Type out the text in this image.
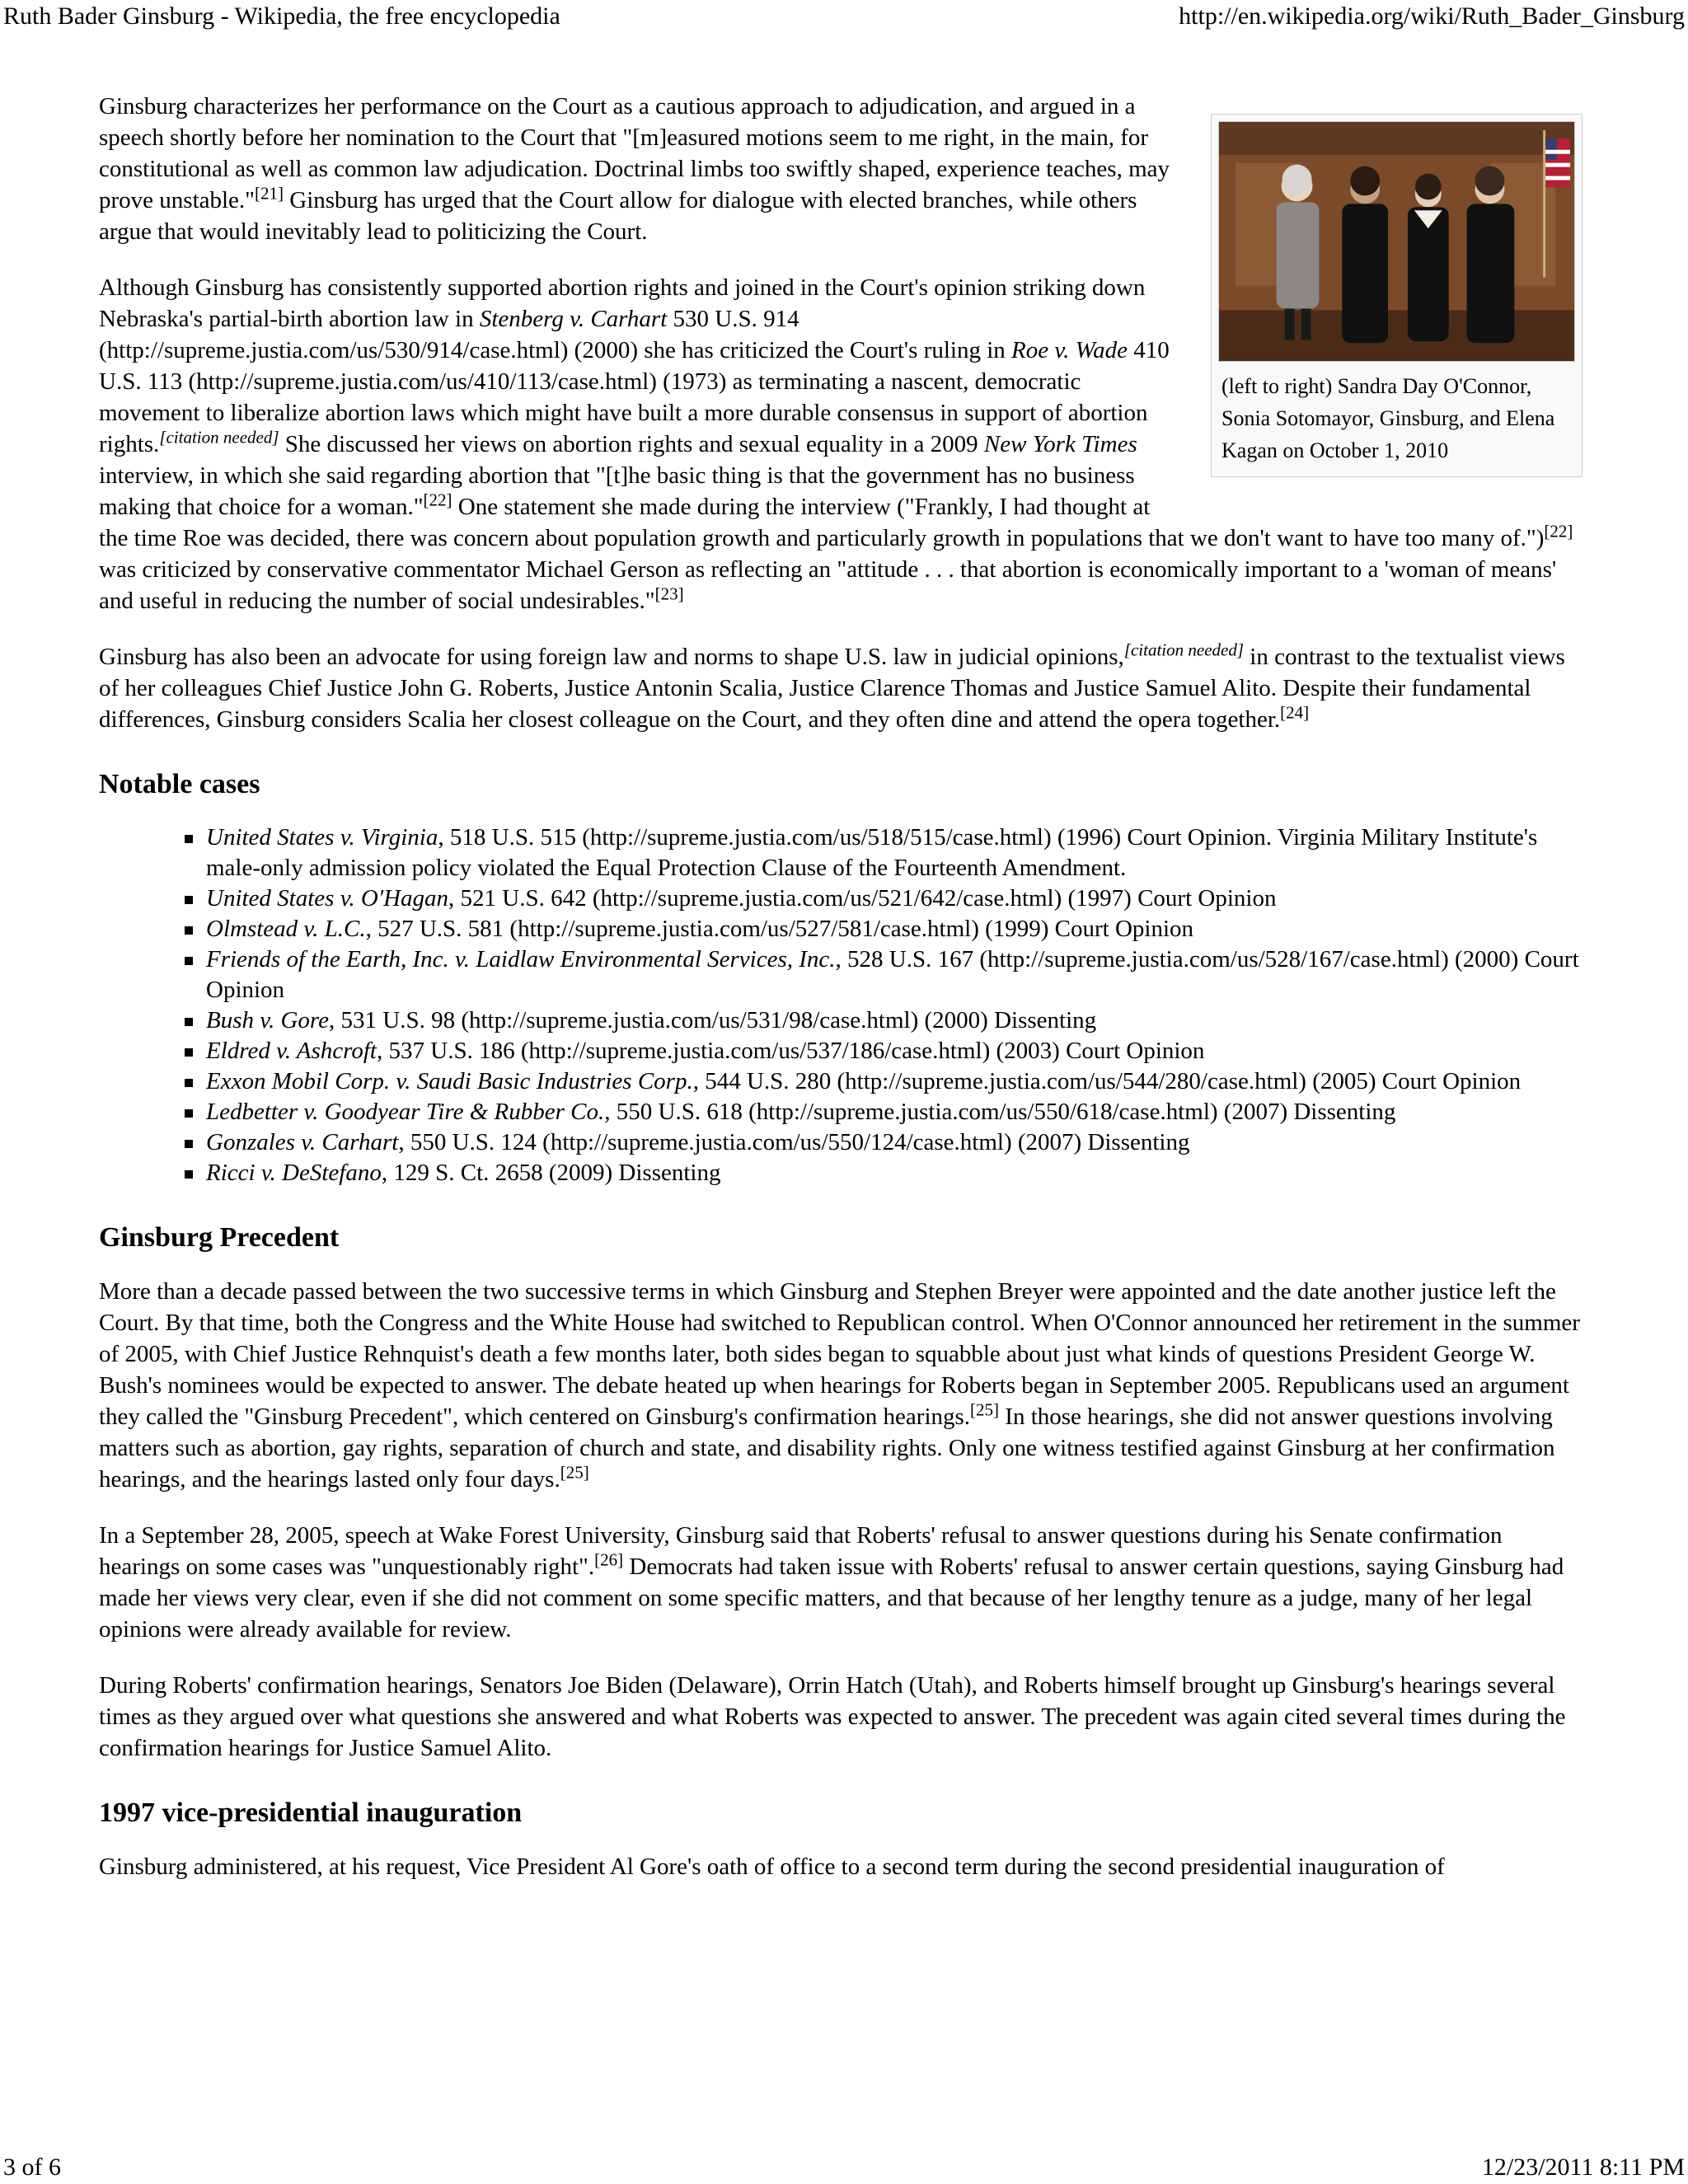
Ruth Bader Ginsburg - Wikipedia, the free encyclopedia	http://en.wikipedia.org/wiki/Ruth_Bader_Ginsburg
(left to right) Sandra Day O'Connor, Sonia Sotomayor, Ginsburg, and Elena Kagan on October 1, 2010

Ginsburg characterizes her performance on the Court as a cautious approach to adjudication, and argued in a speech shortly before her nomination to the Court that "[m]easured motions seem to me right, in the main, for constitutional as well as common law adjudication. Doctrinal limbs too swiftly shaped, experience teaches, may prove unstable."[21] Ginsburg has urged that the Court allow for dialogue with elected branches, while others argue that would inevitably lead to politicizing the Court.

Although Ginsburg has consistently supported abortion rights and joined in the Court's opinion striking down Nebraska's partial-birth abortion law in Stenberg v. Carhart 530 U.S. 914 (http://supreme.justia.com/us/530/914/case.html) (2000) she has criticized the Court's ruling in Roe v. Wade 410 U.S. 113 (http://supreme.justia.com/us/410/113/case.html) (1973) as terminating a nascent, democratic movement to liberalize abortion laws which might have built a more durable consensus in support of abortion rights.[citation needed] She discussed her views on abortion rights and sexual equality in a 2009 New York Times interview, in which she said regarding abortion that "[t]he basic thing is that the government has no business making that choice for a woman."[22] One statement she made during the interview ("Frankly, I had thought at the time Roe was decided, there was concern about population growth and particularly growth in populations that we don't want to have too many of.")[22] was criticized by conservative commentator Michael Gerson as reflecting an "attitude . . . that abortion is economically important to a 'woman of means' and useful in reducing the number of social undesirables."[23]

Ginsburg has also been an advocate for using foreign law and norms to shape U.S. law in judicial opinions,[citation needed] in contrast to the textualist views of her colleagues Chief Justice John G. Roberts, Justice Antonin Scalia, Justice Clarence Thomas and Justice Samuel Alito. Despite their fundamental differences, Ginsburg considers Scalia her closest colleague on the Court, and they often dine and attend the opera together.[24]

Notable cases
United States v. Virginia, 518 U.S. 515 (http://supreme.justia.com/us/518/515/case.html) (1996) Court Opinion. Virginia Military Institute's male-only admission policy violated the Equal Protection Clause of the Fourteenth Amendment.
United States v. O'Hagan, 521 U.S. 642 (http://supreme.justia.com/us/521/642/case.html) (1997) Court Opinion
Olmstead v. L.C., 527 U.S. 581 (http://supreme.justia.com/us/527/581/case.html) (1999) Court Opinion
Friends of the Earth, Inc. v. Laidlaw Environmental Services, Inc., 528 U.S. 167 (http://supreme.justia.com/us/528/167/case.html) (2000) Court Opinion
Bush v. Gore, 531 U.S. 98 (http://supreme.justia.com/us/531/98/case.html) (2000) Dissenting
Eldred v. Ashcroft, 537 U.S. 186 (http://supreme.justia.com/us/537/186/case.html) (2003) Court Opinion
Exxon Mobil Corp. v. Saudi Basic Industries Corp., 544 U.S. 280 (http://supreme.justia.com/us/544/280/case.html) (2005) Court Opinion
Ledbetter v. Goodyear Tire & Rubber Co., 550 U.S. 618 (http://supreme.justia.com/us/550/618/case.html) (2007) Dissenting
Gonzales v. Carhart, 550 U.S. 124 (http://supreme.justia.com/us/550/124/case.html) (2007) Dissenting
Ricci v. DeStefano, 129 S. Ct. 2658 (2009) Dissenting
Ginsburg Precedent

More than a decade passed between the two successive terms in which Ginsburg and Stephen Breyer were appointed and the date another justice left the Court. By that time, both the Congress and the White House had switched to Republican control. When O'Connor announced her retirement in the summer of 2005, with Chief Justice Rehnquist's death a few months later, both sides began to squabble about just what kinds of questions President George W. Bush's nominees would be expected to answer. The debate heated up when hearings for Roberts began in September 2005. Republicans used an argument they called the "Ginsburg Precedent", which centered on Ginsburg's confirmation hearings.[25] In those hearings, she did not answer questions involving matters such as abortion, gay rights, separation of church and state, and disability rights. Only one witness testified against Ginsburg at her confirmation hearings, and the hearings lasted only four days.[25]

In a September 28, 2005, speech at Wake Forest University, Ginsburg said that Roberts' refusal to answer questions during his Senate confirmation hearings on some cases was "unquestionably right".[26] Democrats had taken issue with Roberts' refusal to answer certain questions, saying Ginsburg had made her views very clear, even if she did not comment on some specific matters, and that because of her lengthy tenure as a judge, many of her legal opinions were already available for review.

During Roberts' confirmation hearings, Senators Joe Biden (Delaware), Orrin Hatch (Utah), and Roberts himself brought up Ginsburg's hearings several times as they argued over what questions she answered and what Roberts was expected to answer. The precedent was again cited several times during the confirmation hearings for Justice Samuel Alito.

1997 vice-presidential inauguration

Ginsburg administered, at his request, Vice President Al Gore's oath of office to a second term during the second presidential inauguration of

3 of 6	12/23/2011 8:11 PM
